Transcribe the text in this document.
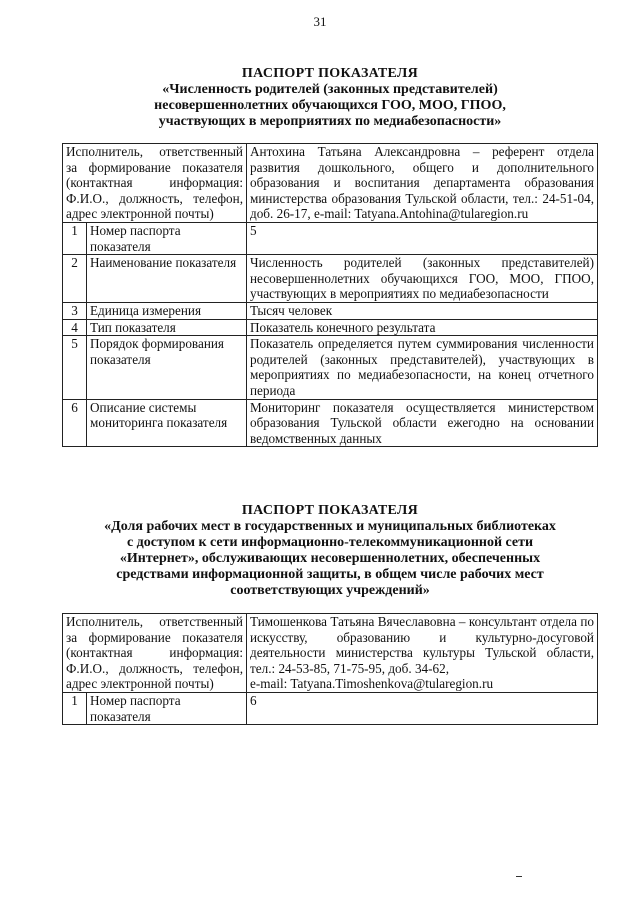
31
ПАСПОРТ ПОКАЗАТЕЛЯ
«Численность родителей (законных представителей)
несовершеннолетних обучающихся ГОО, МОО, ГПОО,
участвующих в мероприятиях по медиабезопасности»
Исполнитель, ответственный за формирование показателя (контактная информация: Ф.И.О., должность, телефон, адрес электронной почты)		Антохина Татьяна Александровна – референт отдела развития дошкольного, общего и дополнительного образования и воспитания департамента образования министерства образования Тульской области, тел.: 24-51-04, доб. 26-17, e-mail: Tatyana.Antohina@tularegion.ru
1	Номер паспорта показателя	5
2	Наименование показателя	Численность родителей (законных представителей) несовершеннолетних обучающихся ГОО, МОО, ГПОО, участвующих в мероприятиях по медиабезопасности
3	Единица измерения	Тысяч человек
4	Тип показателя	Показатель конечного результата
5	Порядок формирования показателя	Показатель определяется путем суммирования численности родителей (законных представителей), участвующих в мероприятиях по медиабезопасности, на конец отчетного периода
6	Описание системы мониторинга показателя	Мониторинг показателя осуществляется министерством образования Тульской области ежегодно на основании ведомственных данных
ПАСПОРТ ПОКАЗАТЕЛЯ
«Доля рабочих мест в государственных и муниципальных библиотеках
с доступом к сети информационно-телекоммуникационной сети
«Интернет», обслуживающих несовершеннолетних, обеспеченных
средствами информационной защиты, в общем числе рабочих мест
соответствующих учреждений»
Исполнитель, ответственный за формирование показателя (контактная информация: Ф.И.О., должность, телефон, адрес электронной почты)		Тимошенкова Татьяна Вячеславовна – консультант отдела по искусству, образованию и культурно-досуговой деятельности министерства культуры Тульской области, тел.: 24-53-85, 71-75-95, доб. 34-62,
e-mail: Tatyana.Timoshenkova@tularegion.ru

1	Номер паспорта показателя	6
